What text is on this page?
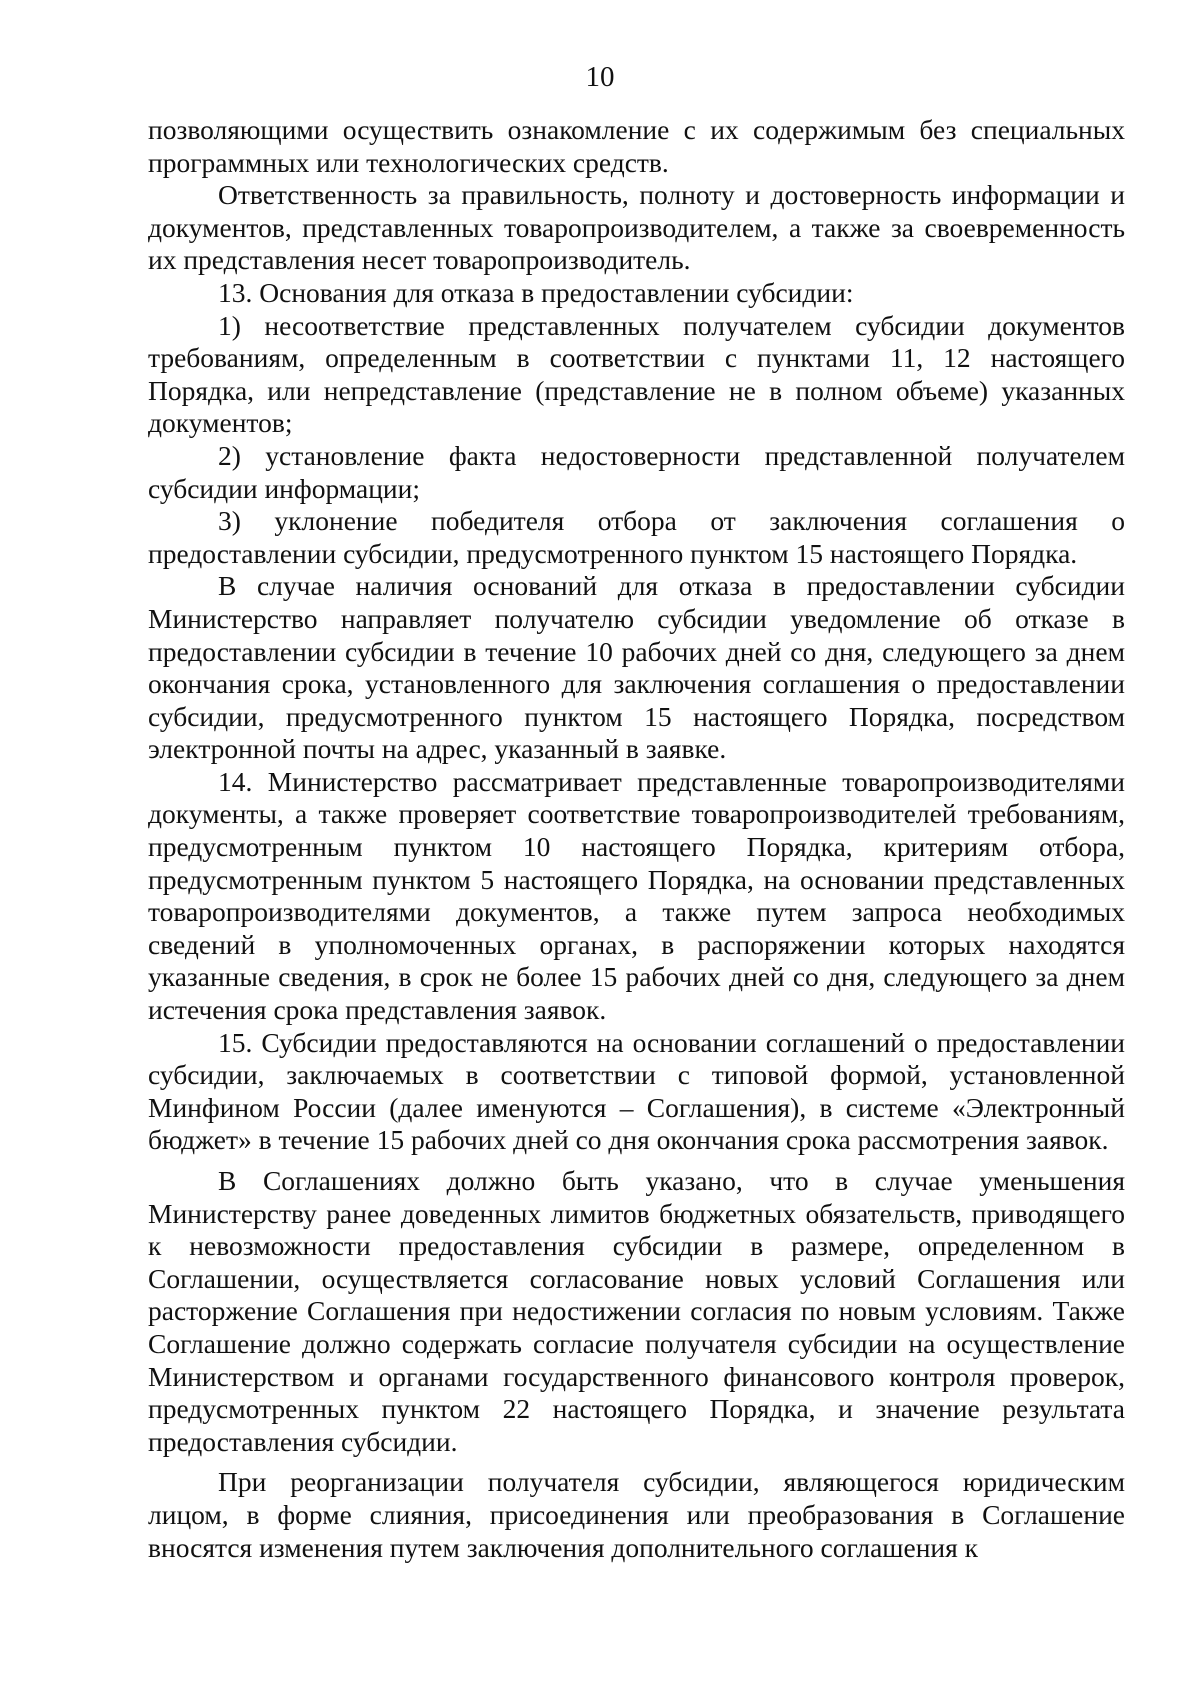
10

позволяющими осуществить ознакомление с их содержимым без специальных программных или технологических средств.

Ответственность за правильность, полноту и достоверность информации и документов, представленных товаропроизводителем, а также за своевременность их представления несет товаропроизводитель.

13. Основания для отказа в предоставлении субсидии:

1) несоответствие представленных получателем субсидии документов требованиям, определенным в соответствии с пунктами 11, 12 настоящего Порядка, или непредставление (представление не в полном объеме) указанных документов;

2) установление факта недостоверности представленной получателем субсидии информации;

3) уклонение победителя отбора от заключения соглашения о предоставлении субсидии, предусмотренного пунктом 15 настоящего Порядка.

В случае наличия оснований для отказа в предоставлении субсидии Министерство направляет получателю субсидии уведомление об отказе в предоставлении субсидии в течение 10 рабочих дней со дня, следующего за днем окончания срока, установленного для заключения соглашения о предоставлении субсидии, предусмотренного пунктом 15 настоящего Порядка, посредством электронной почты на адрес, указанный в заявке.

14. Министерство рассматривает представленные товаропроизводителями документы, а также проверяет соответствие товаропроизводителей требованиям, предусмотренным пунктом 10 настоящего Порядка, критериям отбора, предусмотренным пунктом 5 настоящего Порядка, на основании представленных товаропроизводителями документов, а также путем запроса необходимых сведений в уполномоченных органах, в распоряжении которых находятся указанные сведения, в срок не более 15 рабочих дней со дня, следующего за днем истечения срока представления заявок.

15. Субсидии предоставляются на основании соглашений о предоставлении субсидии, заключаемых в соответствии с типовой формой, установленной Минфином России (далее именуются – Соглашения), в системе «Электронный бюджет» в течение 15 рабочих дней со дня окончания срока рассмотрения заявок.

В Соглашениях должно быть указано, что в случае уменьшения Министерству ранее доведенных лимитов бюджетных обязательств, приводящего к невозможности предоставления субсидии в размере, определенном в Соглашении, осуществляется согласование новых условий Соглашения или расторжение Соглашения при недостижении согласия по новым условиям. Также Соглашение должно содержать согласие получателя субсидии на осуществление Министерством и органами государственного финансового контроля проверок, предусмотренных пунктом 22 настоящего Порядка, и значение результата предоставления субсидии.

При реорганизации получателя субсидии, являющегося юридическим лицом, в форме слияния, присоединения или преобразования в Соглашение вносятся изменения путем заключения дополнительного соглашения к
